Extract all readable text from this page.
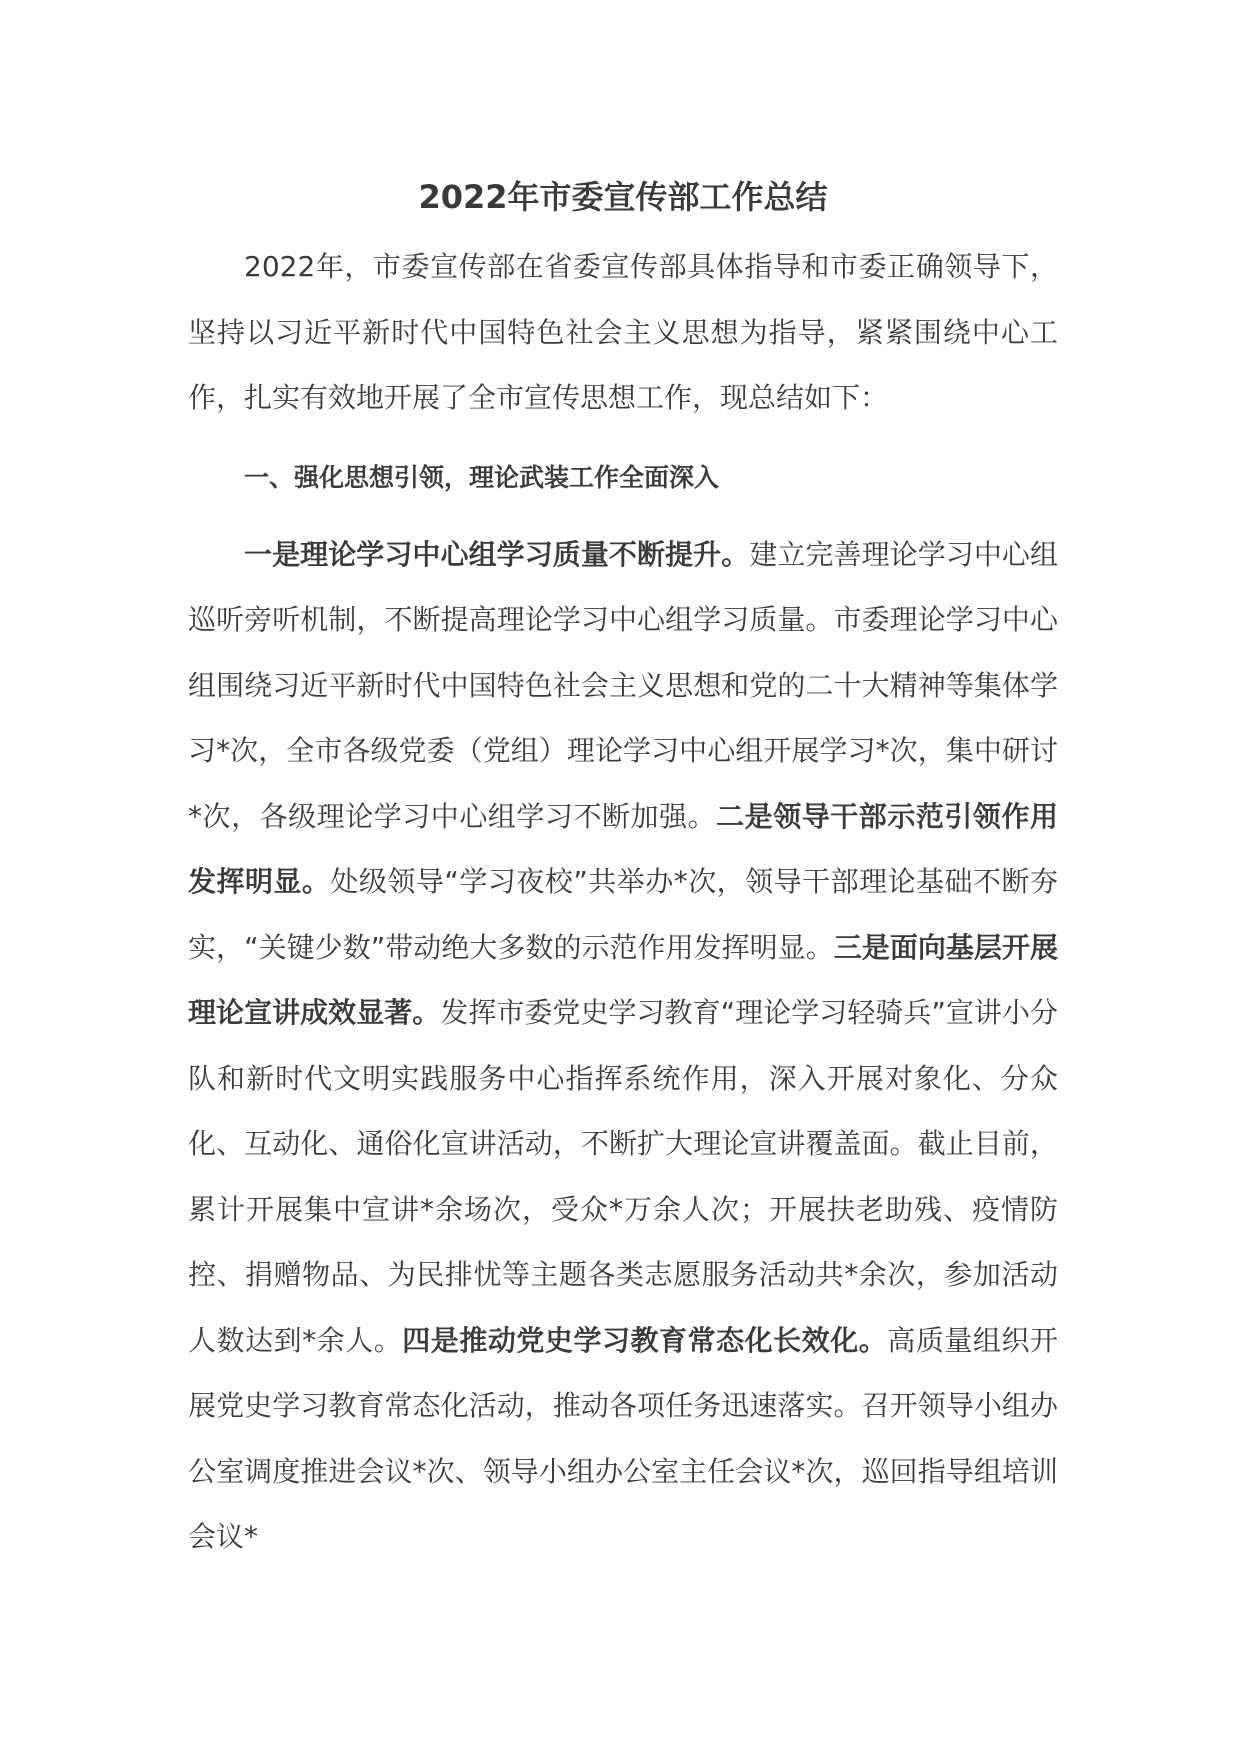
2022年市委宣传部工作总结

2022年，市委宣传部在省委宣传部具体指导和市委正确领导下，坚持以习近平新时代中国特色社会主义思想为指导，紧紧围绕中心工作，扎实有效地开展了全市宣传思想工作，现总结如下：

一、强化思想引领，理论武装工作全面深入

一是理论学习中心组学习质量不断提升。建立完善理论学习中心组巡听旁听机制，不断提高理论学习中心组学习质量。市委理论学习中心组围绕习近平新时代中国特色社会主义思想和党的二十大精神等集体学习*次，全市各级党委（党组）理论学习中心组开展学习*次，集中研讨*次，各级理论学习中心组学习不断加强。二是领导干部示范引领作用发挥明显。处级领导“学习夜校”共举办*次，领导干部理论基础不断夯实，“关键少数”带动绝大多数的示范作用发挥明显。三是面向基层开展理论宣讲成效显著。发挥市委党史学习教育“理论学习轻骑兵”宣讲小分队和新时代文明实践服务中心指挥系统作用，深入开展对象化、分众化、互动化、通俗化宣讲活动，不断扩大理论宣讲覆盖面。截止目前，累计开展集中宣讲*余场次，受众*万余人次；开展扶老助残、疫情防控、捐赠物品、为民排忧等主题各类志愿服务活动共*余次，参加活动人数达到*余人。四是推动党史学习教育常态化长效化。高质量组织开展党史学习教育常态化活动，推动各项任务迅速落实。召开领导小组办公室调度推进会议*次、领导小组办公室主任会议*次，巡回指导组培训会议*
